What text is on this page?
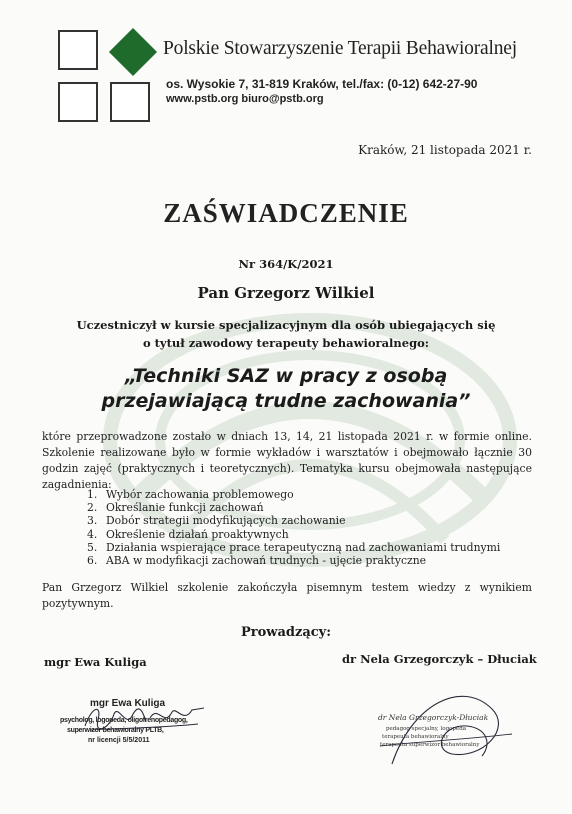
Polskie Stowarzyszenie Terapii Behawioralnej
os. Wysokie 7, 31-819 Kraków, tel./fax: (0-12) 642-27-90
www.pstb.org biuro@pstb.org
Kraków, 21 listopada 2021 r.
ZAŚWIADCZENIE
Nr 364/K/2021
Pan Grzegorz Wilkiel
Uczestniczył w kursie specjalizacyjnym dla osób ubiegających się
o tytuł zawodowy terapeuty behawioralnego:
„Techniki SAZ w pracy z osobą
przejawiającą trudne zachowania”
które przeprowadzone zostało w dniach 13, 14, 21 listopada 2021 r. w formie online. Szkolenie realizowane było w formie wykładów i warsztatów i obejmowało łącznie 30 godzin zajęć (praktycznych i teoretycznych). Tematyka kursu obejmowała następujące zagadnienia:
1. Wybór zachowania problemowego
2. Określanie funkcji zachowań
3. Dobór strategii modyfikujących zachowanie
4. Określenie działań proaktywnych
5. Działania wspierające prace terapeutyczną nad zachowaniami trudnymi
6. ABA w modyfikacji zachowań trudnych - ujęcie praktyczne
Pan Grzegorz Wilkiel szkolenie zakończyła pisemnym testem wiedzy z wynikiem pozytywnym.
Prowadzący:
mgr Ewa Kuliga	dr Nela Grzegorczyk – Dłuciak
mgr Ewa Kuliga
psycholog, logopeda, oligofrenopedagog,
superwizor behawioralny PLTB,
nr licencji 5/5/2011
dr Nela Grzegorczyk-Dłuciak
pedagog specjalny, logopeda
terapeuta behawioralny
terapeuta superwizor behawioralny
